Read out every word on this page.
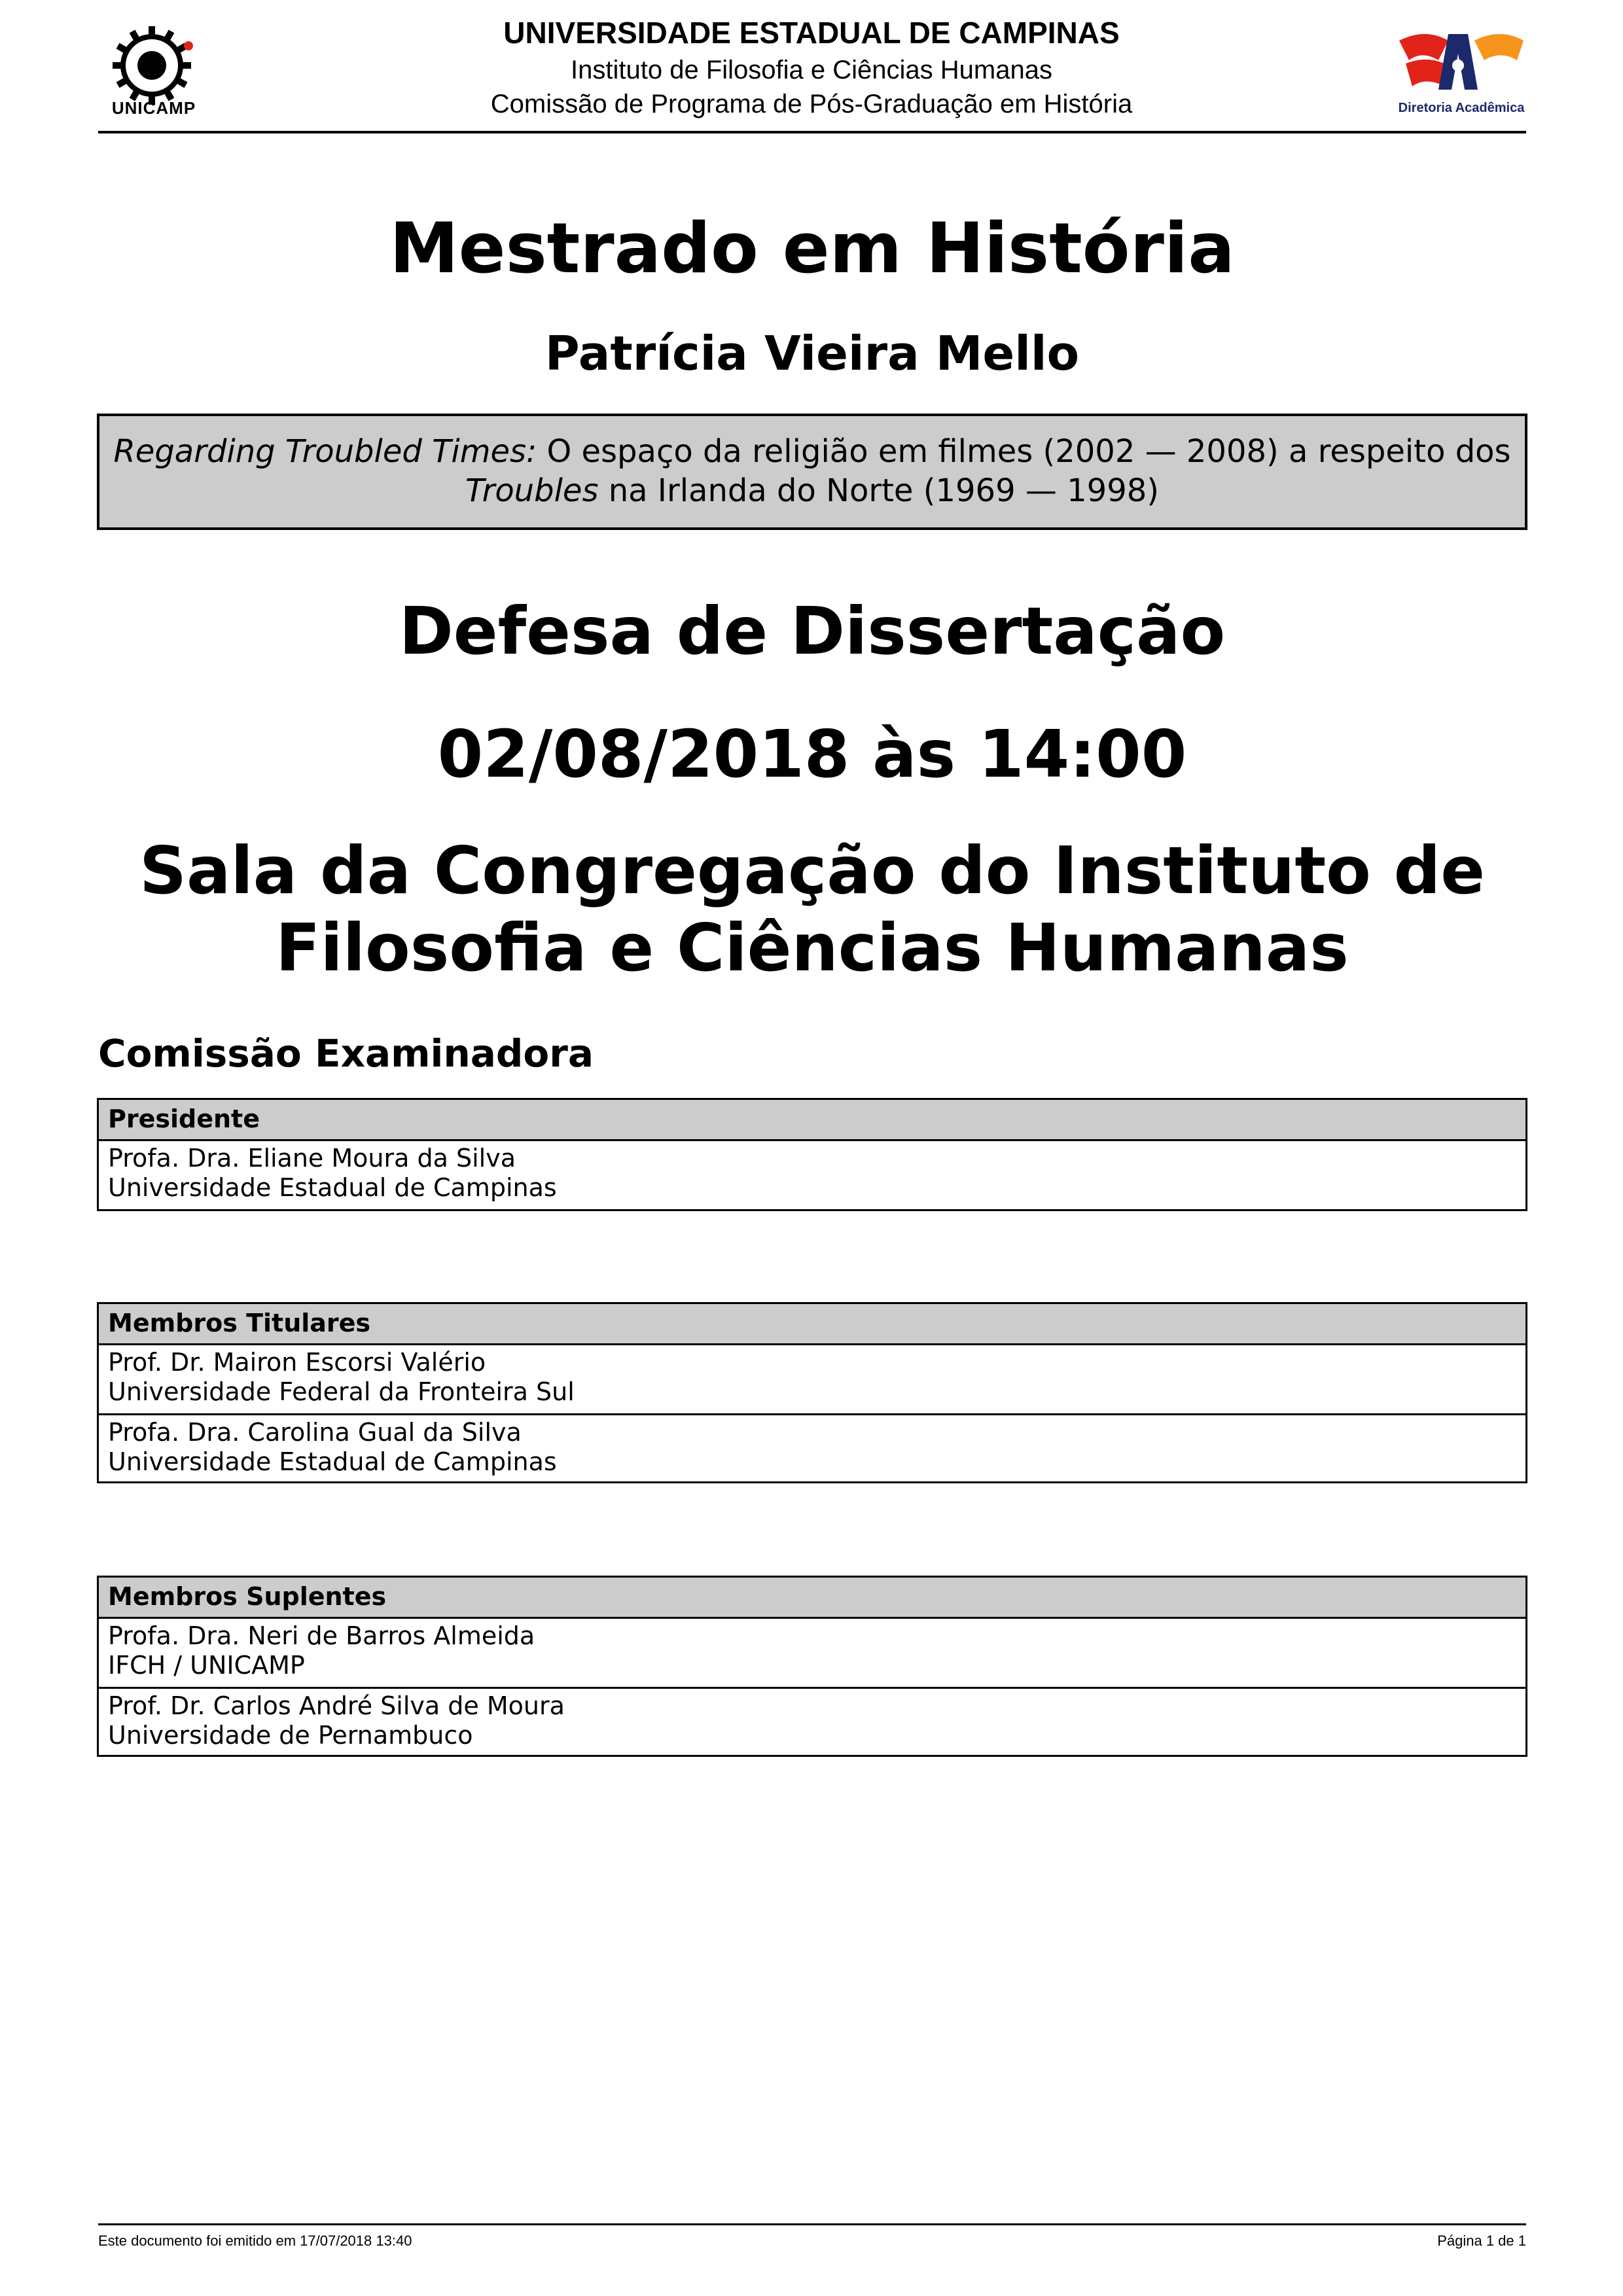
UNICAMP
UNIVERSIDADE ESTADUAL DE CAMPINAS
Instituto de Filosofia e Ciências Humanas
Comissão de Programa de Pós-Graduação em História	Diretoria Acadêmica
Mestrado em História
Patrícia Vieira Mello
Regarding Troubled Times: O espaço da religião em filmes (2002 — 2008) a respeito dos
Troubles na Irlanda do Norte (1969 — 1998)
Defesa de Dissertação
02/08/2018 às 14:00
Sala da Congregação do Instituto de Filosofia e Ciências Humanas
Comissão Examinadora
Presidente
Profa. Dra. Eliane Moura da Silva
Universidade Estadual de Campinas
Membros Titulares
Prof. Dr. Mairon Escorsi Valério
Universidade Federal da Fronteira Sul
Profa. Dra. Carolina Gual da Silva
Universidade Estadual de Campinas
Membros Suplentes
Profa. Dra. Neri de Barros Almeida
IFCH / UNICAMP
Prof. Dr. Carlos André Silva de Moura
Universidade de Pernambuco
Este documento foi emitido em 17/07/2018 13:40	Página 1 de 1
